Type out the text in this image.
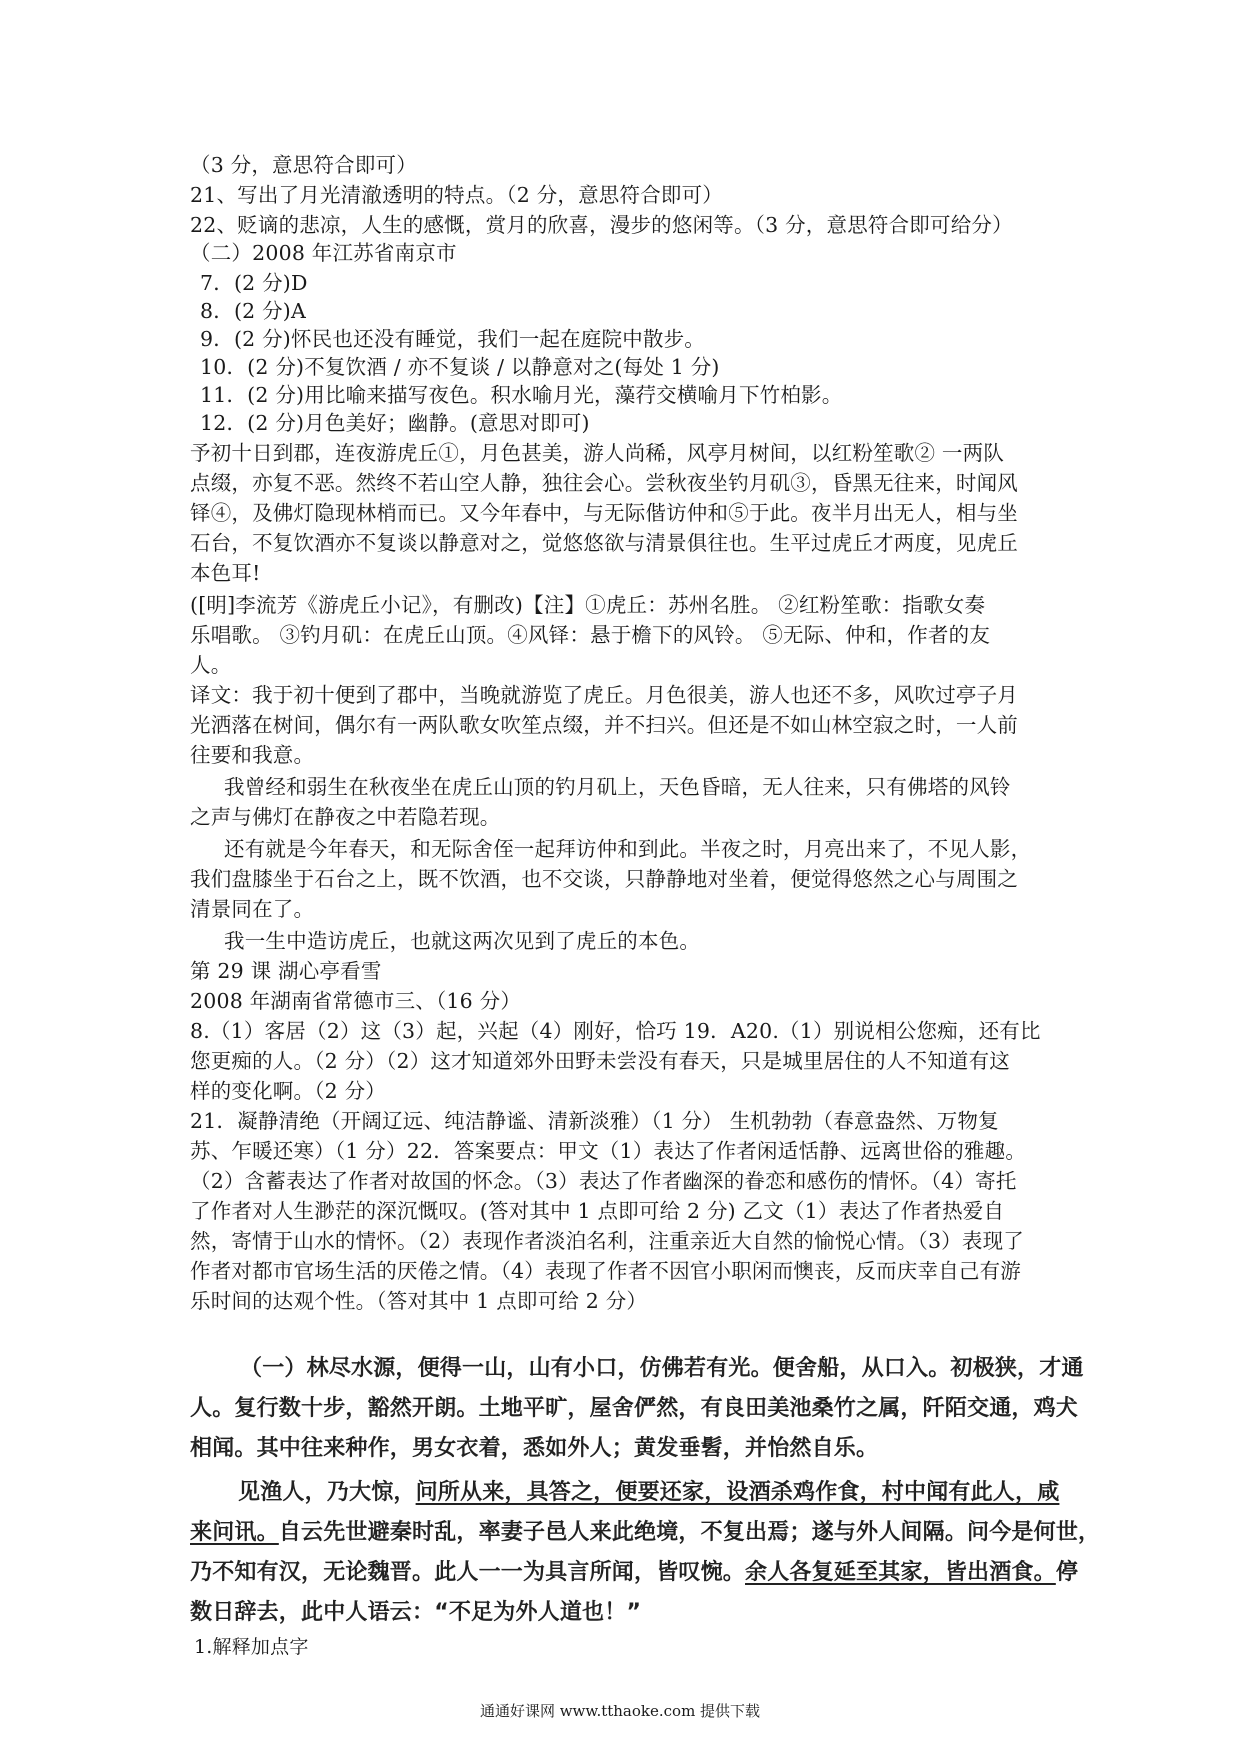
（3 分，意思符合即可）
21、写出了月光清澈透明的特点。（2 分，意思符合即可）
22、贬谪的悲凉，人生的感慨，赏月的欣喜，漫步的悠闲等。（3 分，意思符合即可给分）
（二）2008 年江苏省南京市
7．(2 分)D
8．(2 分)A
9．(2 分)怀民也还没有睡觉，我们一起在庭院中散步。
10．(2 分)不复饮酒 / 亦不复谈 / 以静意对之(每处 1 分)
11．(2 分)用比喻来描写夜色。积水喻月光，藻荇交横喻月下竹柏影。
12．(2 分)月色美好；幽静。(意思对即可)
予初十日到郡，连夜游虎丘①，月色甚美，游人尚稀，风亭月树间，以红粉笙歌② 一两队
点缀，亦复不恶。然终不若山空人静，独往会心。尝秋夜坐钓月矶③，昏黑无往来，时闻风
铎④，及佛灯隐现林梢而已。又今年春中，与无际偕访仲和⑤于此。夜半月出无人，相与坐
石台，不复饮酒亦不复谈以静意对之，觉悠悠欲与清景俱往也。生平过虎丘才两度，见虎丘
本色耳!
([明]李流芳《游虎丘小记》，有删改)【注】①虎丘：苏州名胜。 ②红粉笙歌：指歌女奏
乐唱歌。 ③钓月矶：在虎丘山顶。④风铎：悬于檐下的风铃。 ⑤无际、仲和，作者的友
人。
译文：我于初十便到了郡中，当晚就游览了虎丘。月色很美，游人也还不多，风吹过亭子月
光洒落在树间，偶尔有一两队歌女吹笙点缀，并不扫兴。但还是不如山林空寂之时，一人前
往要和我意。
我曾经和弱生在秋夜坐在虎丘山顶的钓月矶上，天色昏暗，无人往来，只有佛塔的风铃
之声与佛灯在静夜之中若隐若现。
还有就是今年春天，和无际舍侄一起拜访仲和到此。半夜之时，月亮出来了，不见人影，
我们盘膝坐于石台之上，既不饮酒，也不交谈，只静静地对坐着，便觉得悠然之心与周围之
清景同在了。
我一生中造访虎丘，也就这两次见到了虎丘的本色。
第 29 课 湖心亭看雪
2008 年湖南省常德市三、（16 分）
8.（1）客居（2）这（3）起，兴起（4）刚好，恰巧 19．A20.（1）别说相公您痴，还有比
您更痴的人。（2 分）（2）这才知道郊外田野未尝没有春天，只是城里居住的人不知道有这
样的变化啊。（2 分）
21．凝静清绝（开阔辽远、纯洁静谧、清新淡雅）（1 分） 生机勃勃（春意盎然、万物复
苏、乍暖还寒）（1 分）22．答案要点：甲文（1）表达了作者闲适恬静、远离世俗的雅趣。
（2）含蓄表达了作者对故国的怀念。（3）表达了作者幽深的眷恋和感伤的情怀。（4）寄托
了作者对人生渺茫的深沉慨叹。(答对其中 1 点即可给 2 分) 乙文（1）表达了作者热爱自
然，寄情于山水的情怀。（2）表现作者淡泊名利，注重亲近大自然的愉悦心情。（3）表现了
作者对都市官场生活的厌倦之情。（4）表现了作者不因官小职闲而懊丧，反而庆幸自己有游
乐时间的达观个性。（答对其中 1 点即可给 2 分）
（一）林尽水源，便得一山，山有小口，仿佛若有光。便舍船，从口入。初极狭，才通
人。复行数十步，豁然开朗。土地平旷，屋舍俨然，有良田美池桑竹之属，阡陌交通，鸡犬
相闻。其中往来种作，男女衣着，悉如外人；黄发垂髫，并怡然自乐。
见渔人，乃大惊，问所从来，具答之，便要还家，设酒杀鸡作食，村中闻有此人，咸
来问讯。自云先世避秦时乱，率妻子邑人来此绝境，不复出焉；遂与外人间隔。问今是何世，
乃不知有汉，无论魏晋。此人一一为具言所闻，皆叹惋。余人各复延至其家，皆出酒食。停
数日辞去，此中人语云：“不足为外人道也！”
1.解释加点字
通通好课网 www.tthaoke.com 提供下载
